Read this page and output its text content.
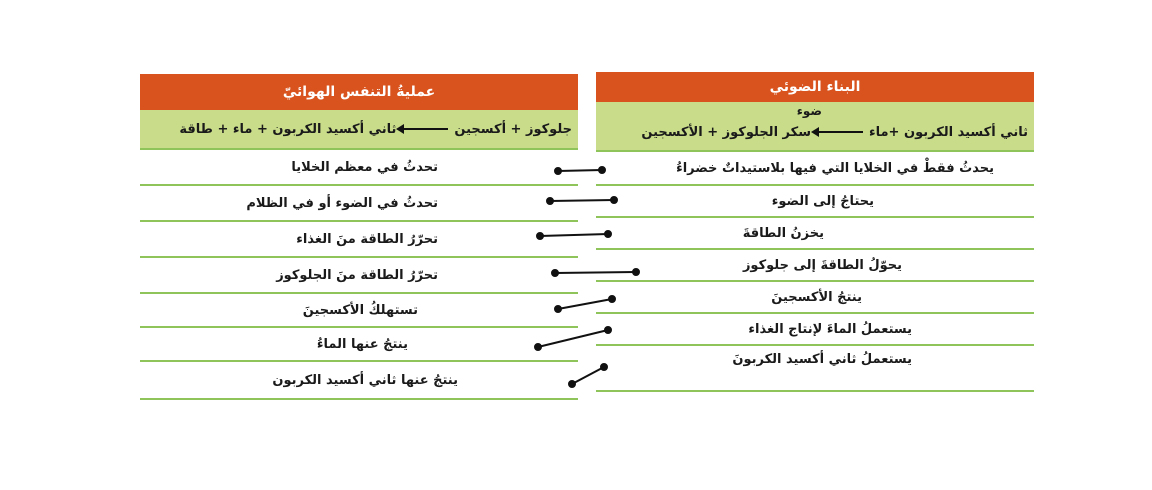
عمليةُ التنفس الهوائيّ
جلوكوز + أكسجين
ثاني أكسيد الكربون + ماء + طاقة
تحدثُ في معظم الخلايا
تحدثُ في الضوء أو في الظلام
تحرّرُ الطاقة منَ الغذاء
تحرّرُ الطاقة منَ الجلوكوز
تستهلكُ الأكسجينَ
ينتجُ عنها الماءُ
ينتجُ عنها ثاني أكسيد الكربون
البناء الضوئي
ضوء
ثاني أكسيد الكربون +ماء
سكر الجلوكوز + الأكسجين
يحدثُ فقطْ في الخلايا التي فيها بلاستيداتٌ خضراءُ
يحتاجُ إلى الضوء
يخزنُ الطاقةَ
يحوّلُ الطاقةَ إلى جلوكوز
ينتجُ الأكسجينَ
يستعملُ الماءَ لإنتاج الغذاء
يستعملُ ثاني أكسيد الكربونَ
